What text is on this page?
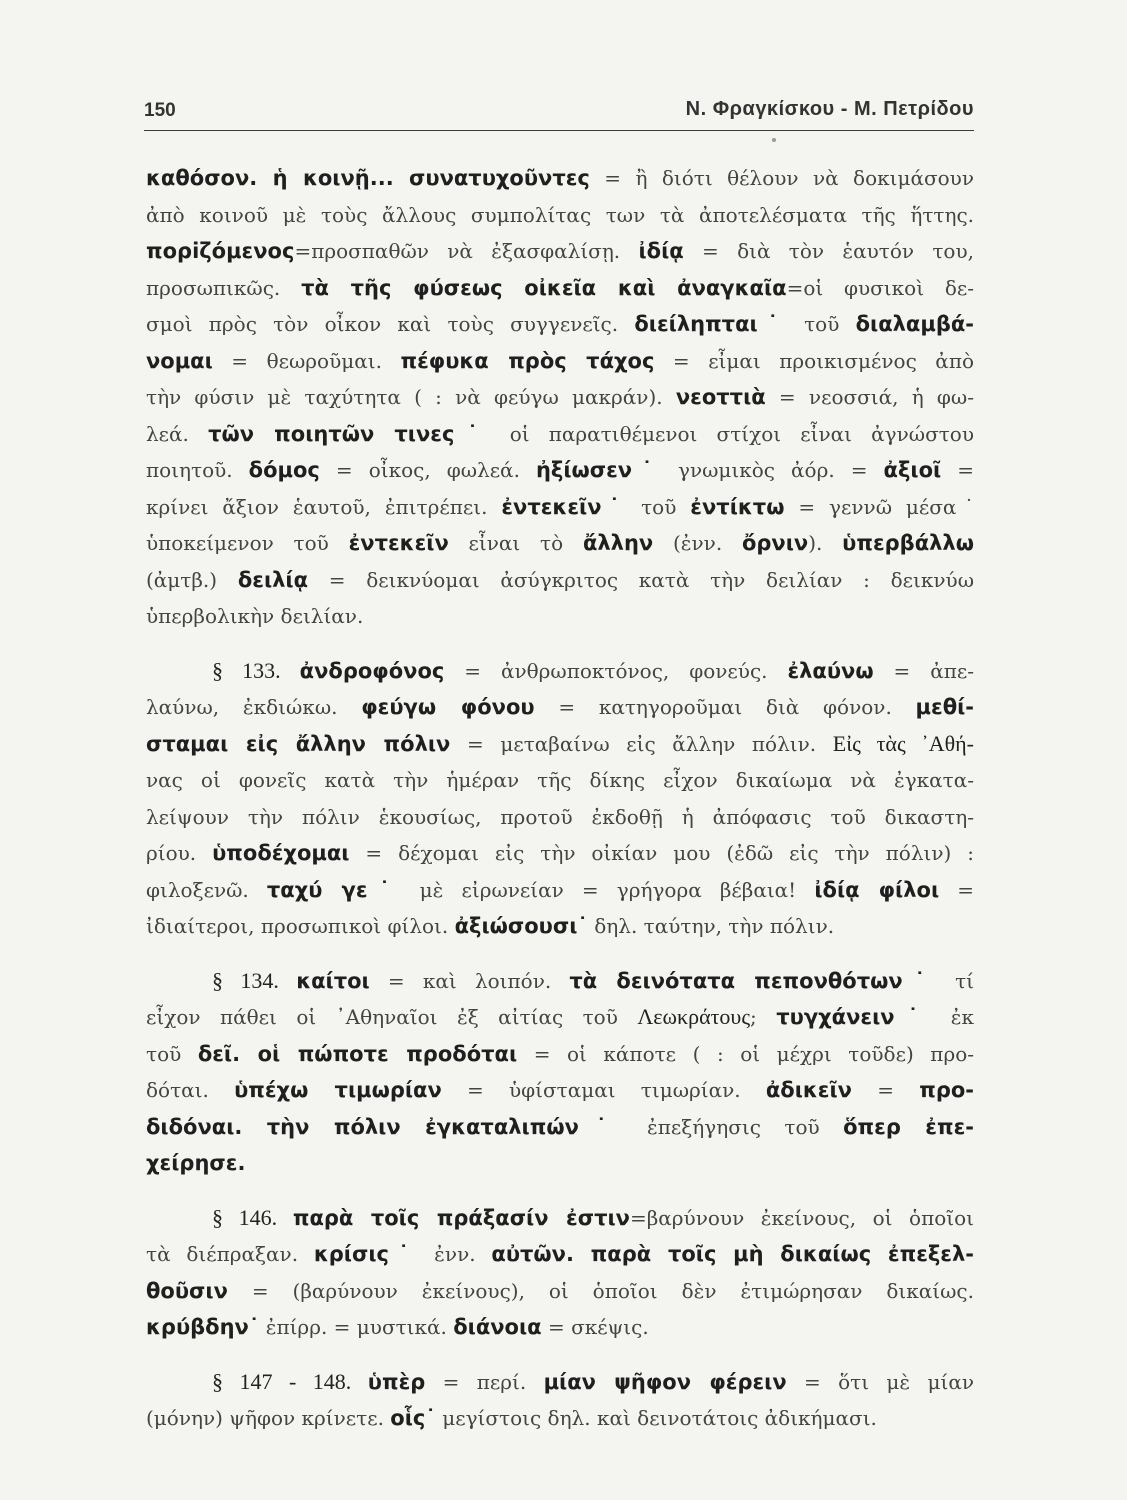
150	Ν. Φραγκίσκου - Μ. Πετρίδου
καθόσον. ἡ κοινῇ... συνατυχοῦντες = ἢ διότι θέλουν νὰ δοκιμάσουν
ἀπὸ κοινοῦ μὲ τοὺς ἄλλους συμπολίτας των τὰ ἀποτελέσματα τῆς ἥττης.
πορiζόμενος=προσπαθῶν νὰ ἐξασφαλίσῃ. ἰδίᾳ = διὰ τὸν ἑαυτόν του,
προσωπικῶς. τὰ τῆς φύσεως οἰκεῖα καὶ ἀναγκαῖα=οἱ φυσικοὶ δε-
σμοὶ πρὸς τὸν οἶκον καὶ τοὺς συγγενεῖς. διείληπται˙ τοῦ διαλαμβά-
νομαι = θεωροῦμαι. πέφυκα πρὸς τάχος = εἶμαι προικισμένος ἀπὸ
τὴν φύσιν μὲ ταχύτητα ( : νὰ φεύγω μακράν). νεοττιὰ = νεοσσιά, ἡ φω-
λεά. τῶν ποιητῶν τινες˙ οἱ παρατιθέμενοι στίχοι εἶναι ἀγνώστου
ποιητοῦ. δόμος = οἶκος, φωλεά. ἠξίωσεν˙ γνωμικὸς ἀόρ. = ἀξιοῖ =
κρίνει ἄξιον ἑαυτοῦ, ἐπιτρέπει. ἐντεκεῖν˙ τοῦ ἐντίκτω = γεννῶ μέσα˙
ὑποκείμενον τοῦ ἐντεκεῖν εἶναι τὸ ἄλλην (ἐνν. ὄρνιν). ὑπερβάλλω
(ἀμτβ.) δειλίᾳ = δεικνύομαι ἀσύγκριτος κατὰ τὴν δειλίαν : δεικνύω
ὑπερβολικὴν δειλίαν.
§ 133. ἀνδροφόνος = ἀνθρωποκτόνος, φονεύς. ἐλαύνω = ἀπε-
λαύνω, ἐκδιώκω. φεύγω φόνου = κατηγοροῦμαι διὰ φόνον. μεθί-
σταμαι εἰς ἄλλην πόλιν = μεταβαίνω εἰς ἄλλην πόλιν. Εἰς τὰς ᾿Αθή-
νας οἱ φονεῖς κατὰ τὴν ἡμέραν τῆς δίκης εἶχον δικαίωμα νὰ ἐγκατα-
λείψουν τὴν πόλιν ἑκουσίως, προτοῦ ἐκδοθῇ ἡ ἀπόφασις τοῦ δικαστη-
ρίου. ὑποδέχομαι = δέχομαι εἰς τὴν οἰκίαν μου (ἐδῶ εἰς τὴν πόλιν) :
φιλοξενῶ. ταχύ γε˙ μὲ εἰρωνείαν = γρήγορα βέβαια! ἰδίᾳ φίλοι =
ἰδιαίτεροι, προσωπικοὶ φίλοι. ἀξιώσουσι˙ δηλ. ταύτην, τὴν πόλιν.
§ 134. καίτοι = καὶ λοιπόν. τὰ δεινότατα πεπονθότων˙ τί
εἶχον πάθει οἱ ᾿Αθηναῖοι ἐξ αἰτίας τοῦ Λεωκράτους; τυγχάνειν˙ ἐκ
τοῦ δεῖ. οἱ πώποτε προδόται = οἱ κάποτε ( : οἱ μέχρι τοῦδε) προ-
δόται. ὑπέχω τιμωρίαν = ὑφίσταμαι τιμωρίαν. ἀδικεῖν = προ-
διδόναι. τὴν πόλιν ἐγκαταλιπών˙ ἐπεξήγησις τοῦ ὅπερ ἐπε-
χείρησε.
§ 146. παρὰ τοῖς πράξασίν ἐστιν=βαρύνουν ἐκείνους, οἱ ὁποῖοι
τὰ διέπραξαν. κρίσις˙ ἐνν. αὐτῶν. παρὰ τοῖς μὴ δικαίως ἐπεξελ-
θοῦσιν = (βαρύνουν ἐκείνους), οἱ ὁποῖοι δὲν ἐτιμώρησαν δικαίως.
κρύβδην˙ ἐπίρρ. = μυστικά. διάνοια = σκέψις.
§ 147 - 148. ὑπὲρ = περί. μίαν ψῆφον φέρειν = ὅτι μὲ μίαν
(μόνην) ψῆφον κρίνετε. οἷς˙ μεγίστοις δηλ. καὶ δεινοτάτοις ἀδικήμασι.
